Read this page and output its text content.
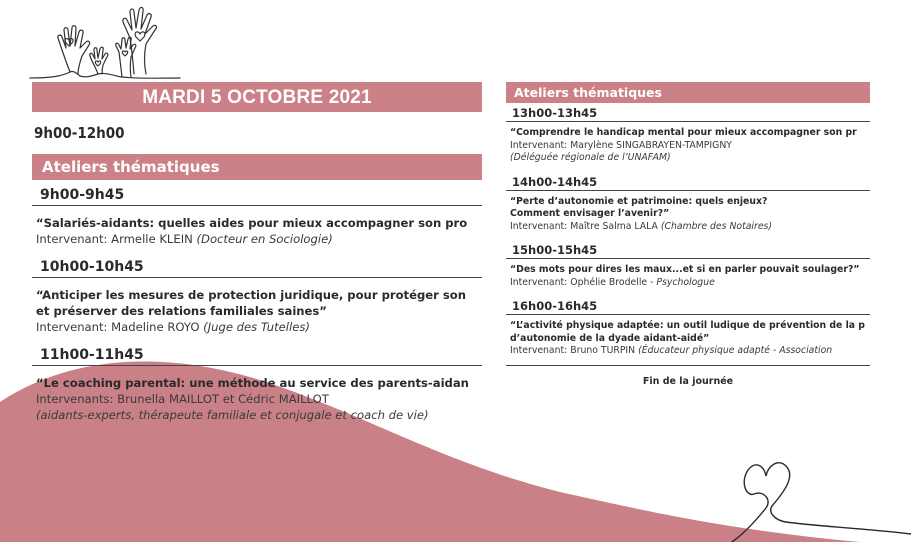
MARDI 5 OCTOBRE 2021
9h00-12h00
Ateliers thématiques
9h00-9h45
“Salariés-aidants: quelles aides pour mieux accompagner son pro
Intervenant: Armelle KLEIN (Docteur en Sociologie)
10h00-10h45
“Anticiper les mesures de protection juridique, pour protéger son
et préserver des relations familiales saines”
Intervenant: Madeline ROYO (Juge des Tutelles)
11h00-11h45
“Le coaching parental: une méthode au service des parents-aidan
Intervenants: Brunella MAILLOT et Cédric MAILLOT
(aidants-experts, thérapeute familiale et conjugale et coach de vie)
Ateliers thématiques
13h00-13h45
“Comprendre le handicap mental pour mieux accompagner son pr
Intervenant: Marylène SINGABRAYEN-TAMPIGNY
(Déléguée régionale de l’UNAFAM)
14h00-14h45
“Perte d’autonomie et patrimoine: quels enjeux?
Comment envisager l’avenir?”
Intervenant: Maître Salma LALA (Chambre des Notaires)
15h00-15h45
“Des mots pour dires les maux...et si en parler pouvait soulager?”
Intervenant: Ophélie Brodelle - Psychologue
16h00-16h45
“L’activité physique adaptée: un outil ludique de prévention de la p
d’autonomie de la dyade aidant-aidé”
Intervenant: Bruno TURPIN (Éducateur physique adapté - Association
Fin de la journée
